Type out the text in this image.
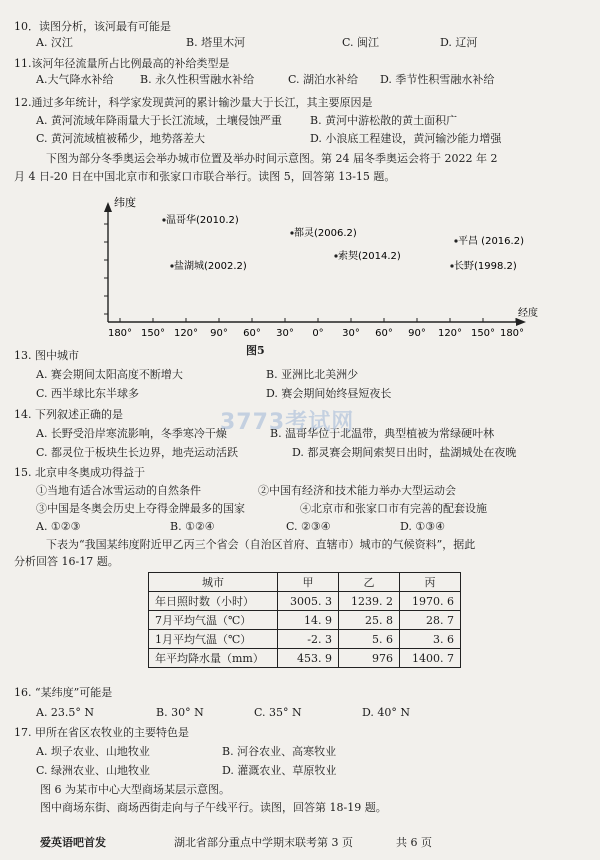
10．读图分析，该河最有可能是
A. 汉江	B. 塔里木河	C. 闽江	D. 辽河
11.该河年径流量所占比例最高的补给类型是
A.大气降水补给 B. 永久性积雪融水补给	C. 湖泊水补给 D. 季节性积雪融水补给
12.通过多年统计，科学家发现黄河的累计输沙量大于长江，其主要原因是
A. 黄河流域年降雨量大于长江流域，土壤侵蚀严重	B. 黄河中游松散的黄土面积广
C. 黄河流域植被稀少，地势落差大	D. 小浪底工程建设，黄河输沙能力增强
下图为部分冬季奥运会举办城市位置及举办时间示意图。第 24 届冬季奥运会将于 2022 年 2
月 4 日-20 日在中国北京市和张家口市联合举行。读图 5，回答第 13-15 题。
纬度
经度
180° 150° 120° 90° 60° 30° 0° 30° 60° 90° 120° 150° 180°
温哥华(2010.2)
盐湖城(2002.2)
都灵(2006.2)
索契(2014.2)
平昌 (2016.2)
长野(1998.2)
图5
13. 图中城市
A. 赛会期间太阳高度不断增大	B. 亚洲比北美洲少
C. 西半球比东半球多	D. 赛会期间始终昼短夜长
14. 下列叙述正确的是
A. 长野受沿岸寒流影响，冬季寒冷干燥	B. 温哥华位于北温带，典型植被为常绿硬叶林
C. 都灵位于板块生长边界，地壳运动活跃	D. 都灵赛会期间索契日出时，盐湖城处在夜晚
3773考试网
15. 北京申冬奥成功得益于
①当地有适合冰雪运动的自然条件	②中国有经济和技术能力举办大型运动会
③中国是冬奥会历史上夺得金牌最多的国家	④北京市和张家口市有完善的配套设施
A. ①②③	B. ①②④	C. ②③④	D. ①③④
下表为“我国某纬度附近甲乙丙三个省会（自治区首府、直辖市）城市的气候资料”，据此
分析回答 16-17 题。
城市	甲	乙	丙
年日照时数（小时）	3005. 3	1239. 2	1970. 6
7月平均气温（℃）	14. 9	25. 8	28. 7
1月平均气温（℃）	-2. 3	5. 6	3. 6
年平均降水量（mm）	453. 9	976	1400. 7
16. “某纬度”可能是
A. 23.5° N	B. 30° N	C. 35° N	D. 40° N
17. 甲所在省区农牧业的主要特色是
A. 坝子农业、山地牧业	B. 河谷农业、高寒牧业
C. 绿洲农业、山地牧业	D. 灌溉农业、草原牧业
图 6 为某市中心大型商场某层示意图。
图中商场东街、商场西街走向与子午线平行。读图，回答第 18-19 题。
爱英语吧首发	湖北省部分重点中学期末联考第 3 页	共 6 页
